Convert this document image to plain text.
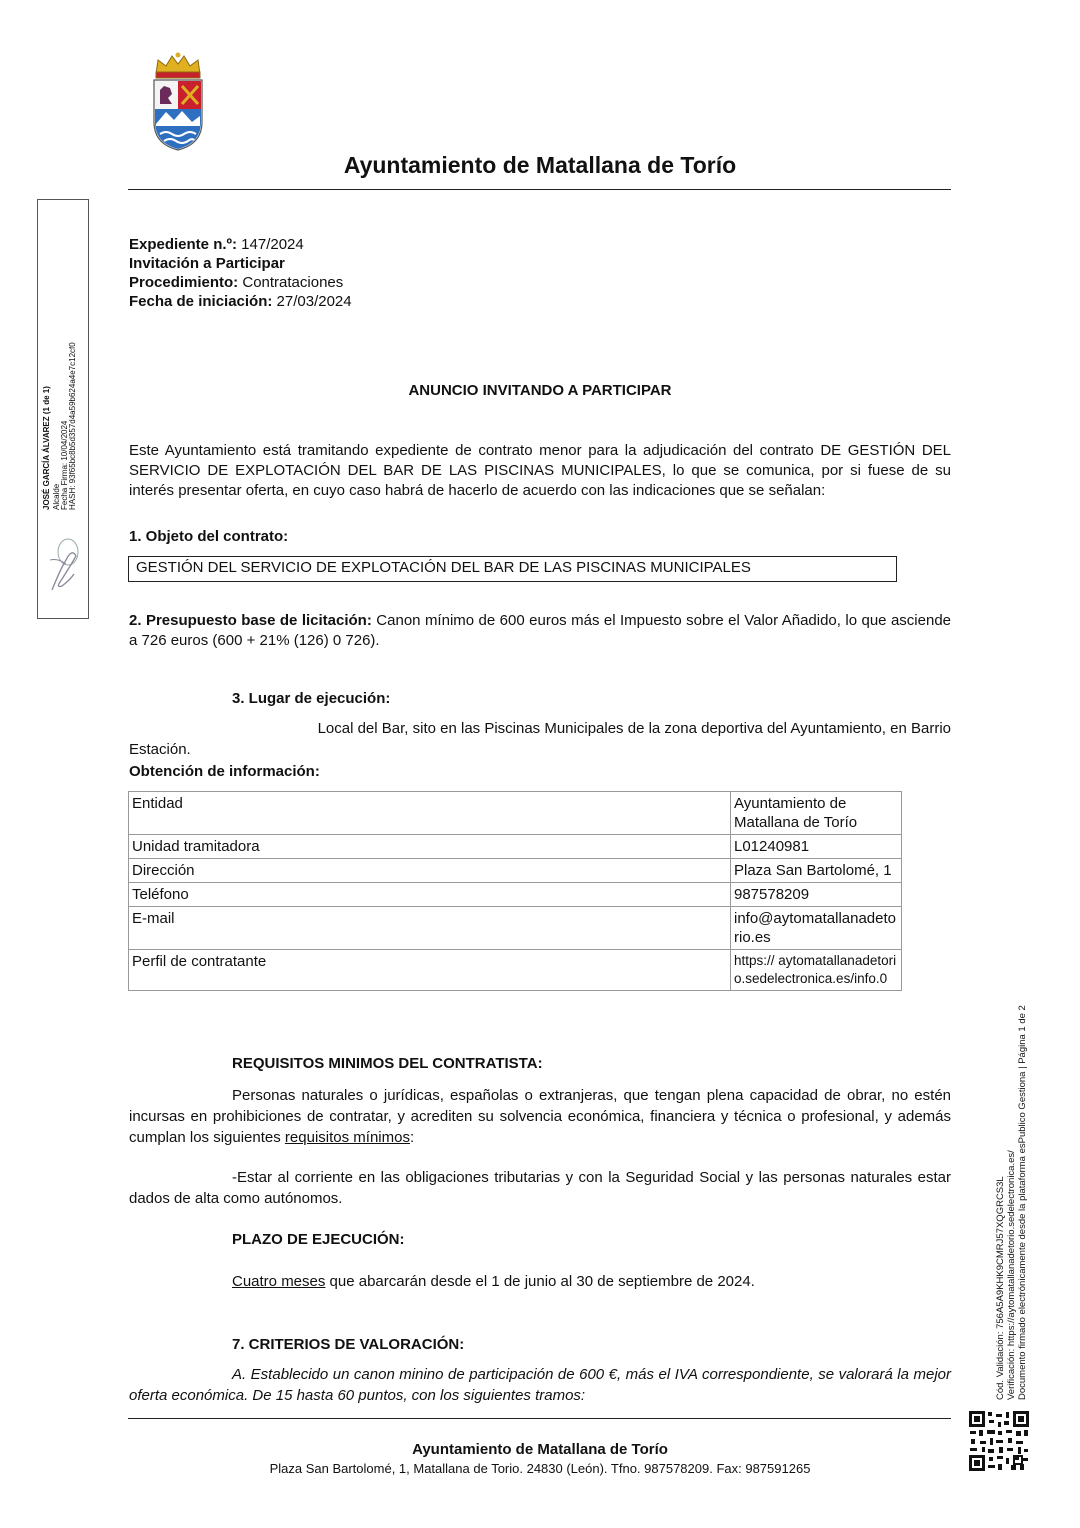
Ayuntamiento de Matallana de Torío
JOSÉ GARCÍA ÁLVAREZ (1 de 1) Alcalde Fecha Firma: 10/04/2024 HASH: 93f65bc8b5d357d4a59b624a4e7c12cf0
Cód. Validación: 756A5A9KHK9CMRJ57XQGRCS3L Verificación: https://aytomatallanadetorio.sedelectronica.es/ Documento firmado electrónicamente desde la plataforma esPublico Gestiona | Página 1 de 2
Expediente n.º: 147/2024
Invitación a Participar
Procedimiento: Contrataciones
Fecha de iniciación: 27/03/2024
ANUNCIO INVITANDO A PARTICIPAR
Este Ayuntamiento está tramitando expediente de contrato menor para la adjudicación del contrato DE GESTIÓN DEL SERVICIO DE EXPLOTACIÓN DEL BAR DE LAS PISCINAS MUNICIPALES, lo que se comunica, por si fuese de su interés presentar oferta, en cuyo caso habrá de hacerlo de acuerdo con las indicaciones que se señalan:
1. Objeto del contrato:
GESTIÓN DEL SERVICIO DE EXPLOTACIÓN DEL BAR DE LAS PISCINAS MUNICIPALES
2. Presupuesto base de licitación: Canon mínimo de 600 euros más el Impuesto sobre el Valor Añadido, lo que asciende a 726 euros (600 + 21% (126) 0 726).
3. Lugar de ejecución:
Local del Bar, sito en las Piscinas Municipales de la zona deportiva del Ayuntamiento, en Barrio
Estación.
Obtención de información:
Entidad	Ayuntamiento de Matallana de Torío
Unidad tramitadora	L01240981
Dirección	Plaza San Bartolomé, 1
Teléfono	987578209
E-mail	info@aytomatallanadetorio.es
Perfil de contratante	https:// aytomatallanadetorio.sedelectronica.es/info.0
REQUISITOS MINIMOS DEL CONTRATISTA:
Personas naturales o jurídicas, españolas o extranjeras, que tengan plena capacidad de obrar, no estén incursas en prohibiciones de contratar, y acrediten su solvencia económica, financiera y técnica o profesional, y además cumplan los siguientes requisitos mínimos:
-Estar al corriente en las obligaciones tributarias y con la Seguridad Social y las personas naturales estar dados de alta como autónomos.
PLAZO DE EJECUCIÓN:
Cuatro meses que abarcarán desde el 1 de junio al 30 de septiembre de 2024.
7. CRITERIOS DE VALORACIÓN:
A. Establecido un canon minino de participación de 600 €, más el IVA correspondiente, se valorará la mejor oferta económica. De 15 hasta 60 puntos, con los siguientes tramos:
Ayuntamiento de Matallana de Torío
Plaza San Bartolomé, 1, Matallana de Torio. 24830 (León). Tfno. 987578209. Fax: 987591265
